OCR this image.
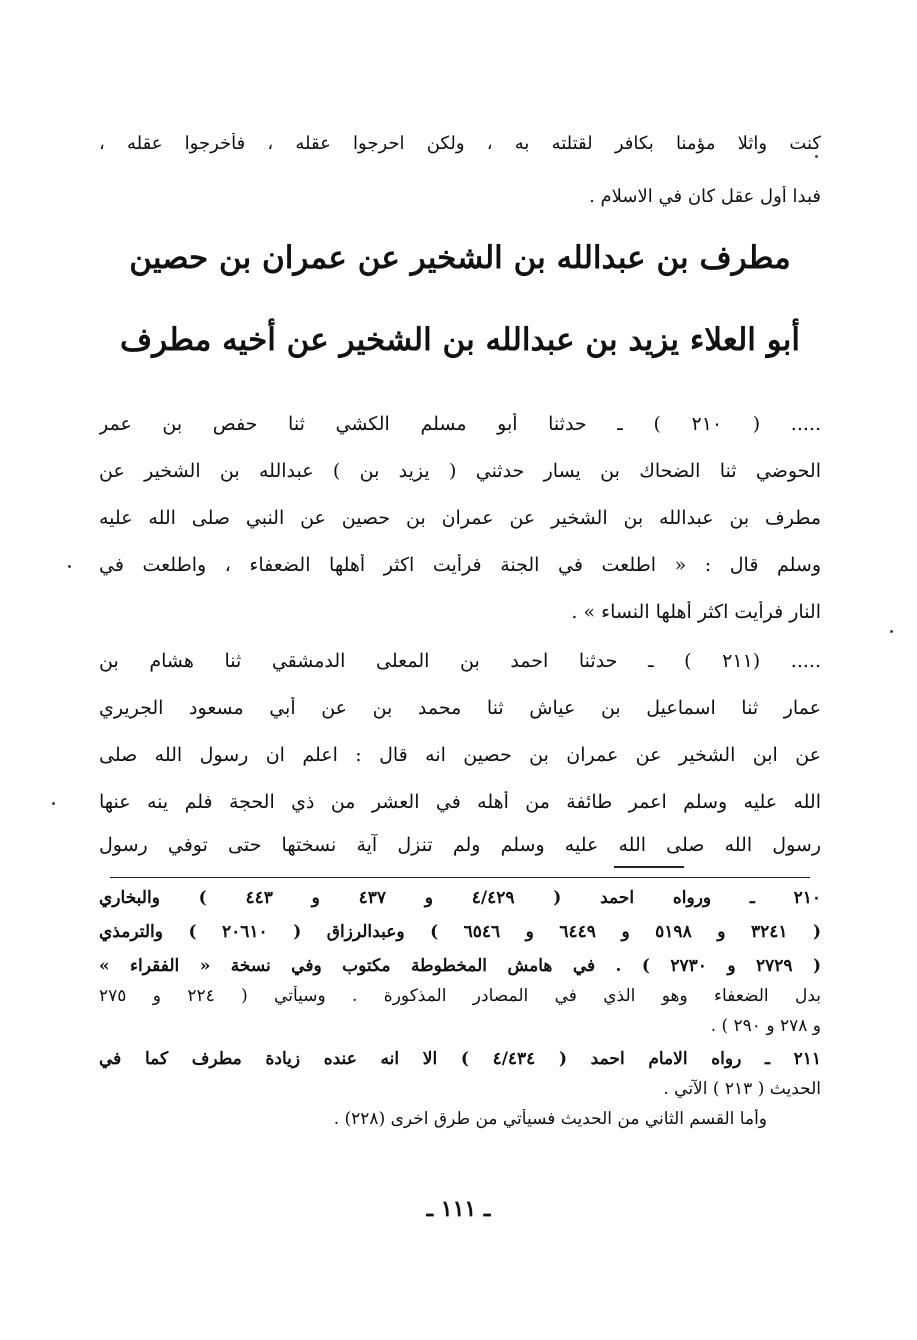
كنت واثلا مؤمنا بكافر لقتلته به ، ولكن احرجوا عقله ، فأخرجوا عقله ،
فبدا أول عقل كان في الاسلام .
مطرف بن عبدالله بن الشخير عن عمران بن حصين
أبو العلاء يزيد بن عبدالله بن الشخير عن أخيه مطرف
..... ( ٢١٠ ) ـ حدثنا أبو مسلم الكشي ثنا حفص بن عمر
الحوضي ثنا الضحاك بن يسار حدثني ( يزيد بن ) عبدالله بن الشخير عن
مطرف بن عبدالله بن الشخير عن عمران بن حصين عن النبي صلى الله عليه
وسلم قال : « اطلعت في الجنة فرأيت اكثر أهلها الضعفاء ، واطلعت في
النار فرأيت اكثر أهلها النساء » .
..... (٢١١ ) ـ حدثنا احمد بن المعلى الدمشقي ثنا هشام بن
عمار ثنا اسماعيل بن عياش ثنا محمد بن عن أبي مسعود الجريري
عن ابن الشخير عن عمران بن حصين انه قال : اعلم ان رسول الله صلى
الله عليه وسلم اعمر طائفة من أهله في العشر من ذي الحجة فلم ينه عنها
رسول الله صلى الله عليه وسلم ولم تنزل آية نسختها حتى توفي رسول
٢١٠ ـ ورواه احمد ( ٤/٤٢٩ و ٤٣٧ و ٤٤٣ ) والبخاري
( ٣٢٤١ و ٥١٩٨ و ٦٤٤٩ و ٦٥٤٦ ) وعبدالرزاق ( ٢٠٦١٠ ) والترمذي
( ٢٧٢٩ و ٢٧٣٠ ) . في هامش المخطوطة مكتوب وفي نسخة « الفقراء »
بدل الضعفاء وهو الذي في المصادر المذكورة . وسيأتي ( ٢٢٤ و ٢٧٥
و ٢٧٨ و ٢٩٠ ) .
٢١١ ـ رواه الامام احمد ( ٤/٤٣٤ ) الا انه عنده زيادة مطرف كما في
الحديث ( ٢١٣ ) الآتي .
وأما القسم الثاني من الحديث فسيأتي من طرق اخرى (٢٢٨) .
ـ ١١١ ـ
